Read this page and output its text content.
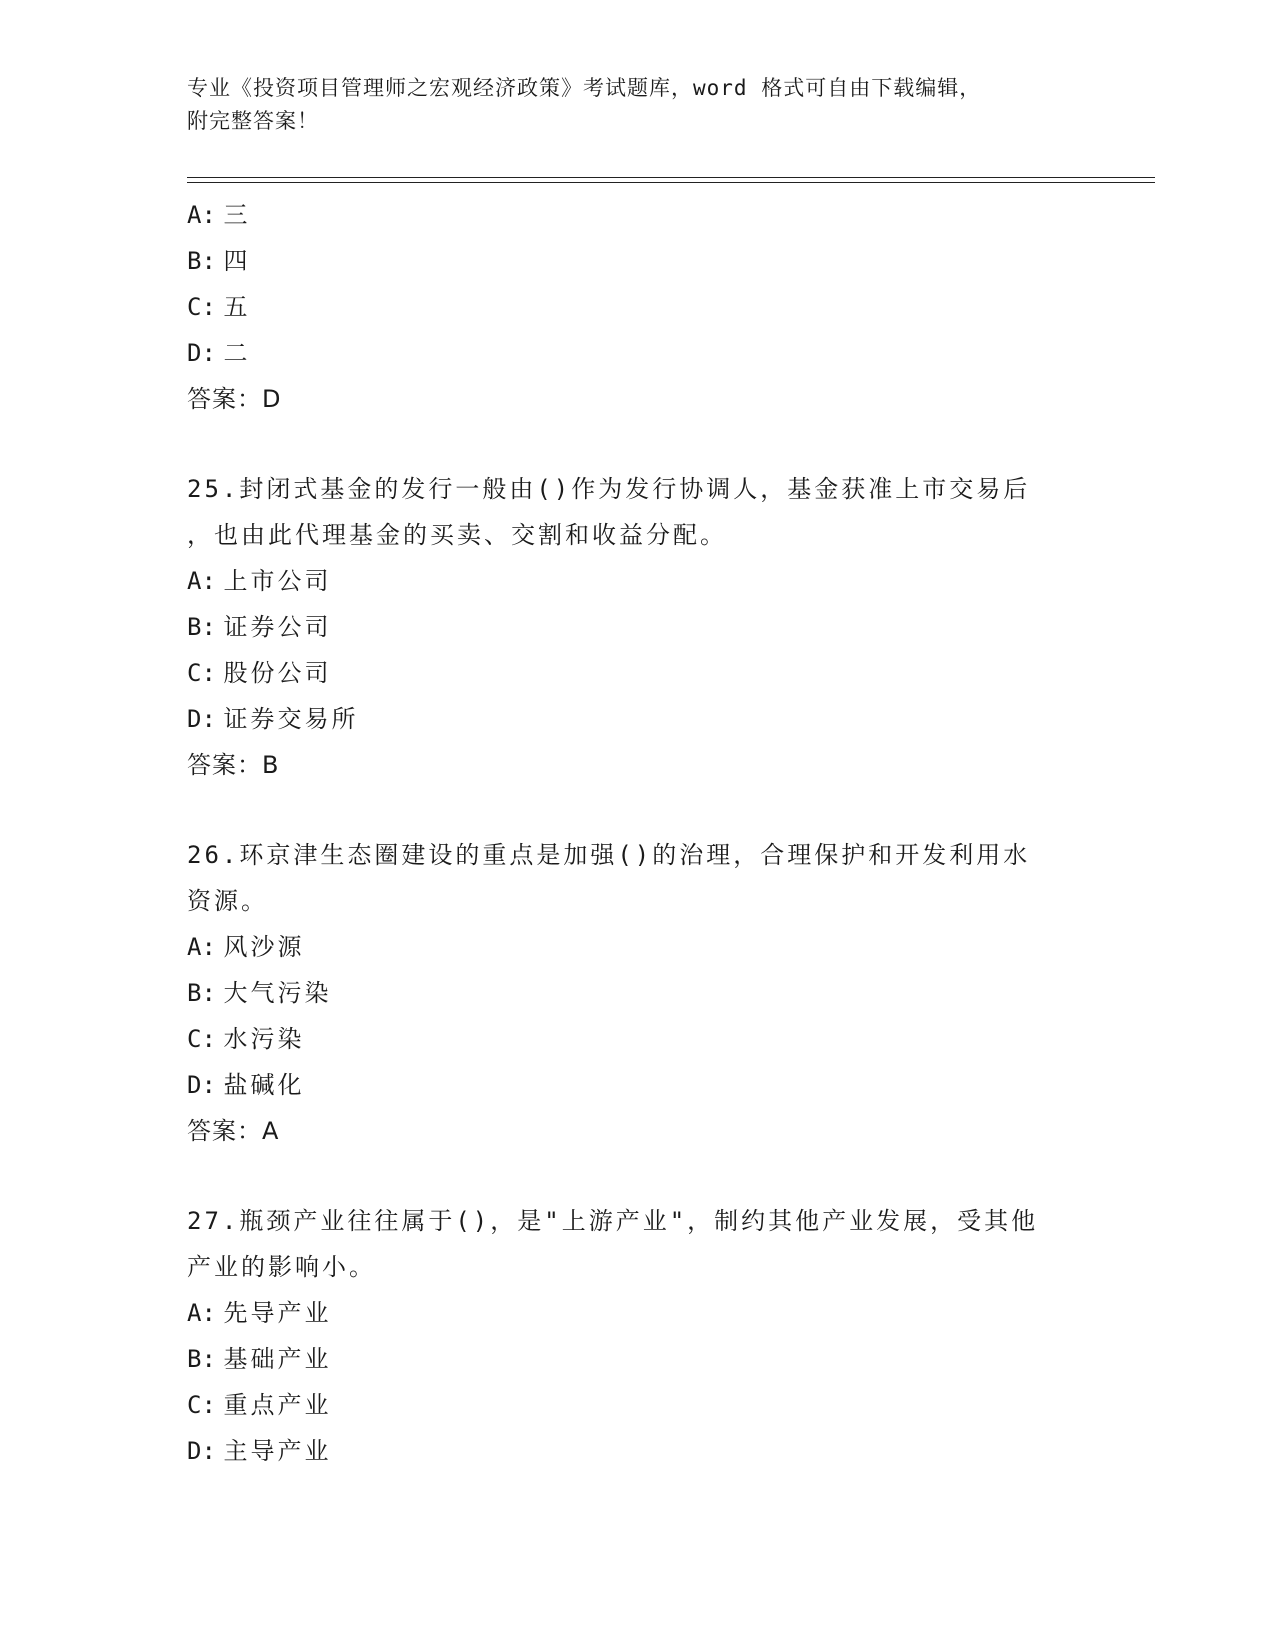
专业《投资项目管理师之宏观经济政策》考试题库，word 格式可自由下载编辑，
附完整答案！
A: 三
B: 四
C: 五
D: 二
答案：D
25.封闭式基金的发行一般由()作为发行协调人，基金获准上市交易后
，也由此代理基金的买卖、交割和收益分配。
A: 上市公司
B: 证券公司
C: 股份公司
D: 证券交易所
答案：B
26.环京津生态圈建设的重点是加强()的治理，合理保护和开发利用水
资源。
A: 风沙源
B: 大气污染
C: 水污染
D: 盐碱化
答案：A
27.瓶颈产业往往属于()，是"上游产业"，制约其他产业发展，受其他
产业的影响小。
A: 先导产业
B: 基础产业
C: 重点产业
D: 主导产业
